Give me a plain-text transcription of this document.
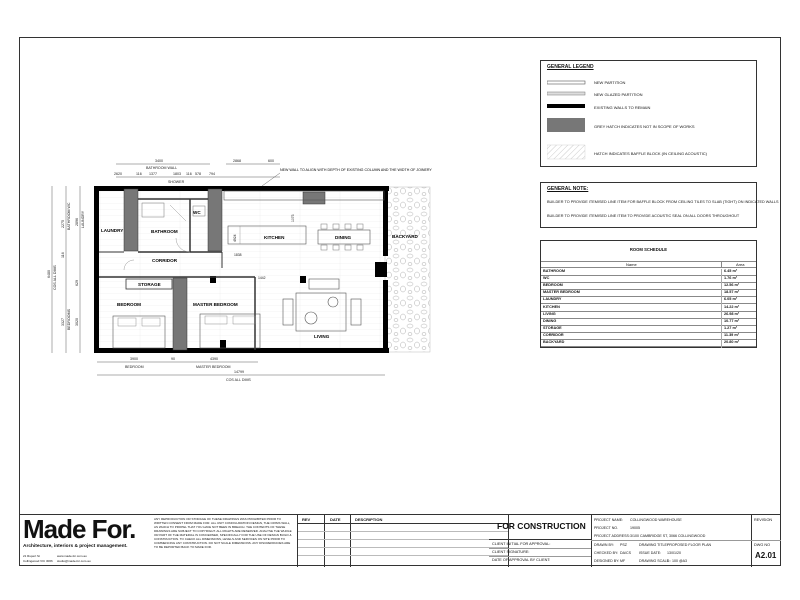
LAUNDRY	BATHROOM
WC
KITCHEN	DINING	BACKYARD
CORRIDOR
STORAGE
BEDROOM	MASTER BEDROOM
LIVING
NEW WALL TO ALIGN WITH DEPTH OF EXISTING COLUMN AND THE WIDTH OF JOINERY
3400
BATHROOM WALL
2620	116 1377	1803 116 578 794
SHOWER
2868	600
6480 COS ALL DIMS
2275 BATHROOM WC 2896 LAUNDRY
116
629
3327 BEDROOMS 3020
3900
BEDROOM
90	4390
MASTER BEDROOM
14799
COS ALL DIMS
1073
1838
4924
1442
GENERAL LEGEND
NEW PARTITION
NEW GLAZED PARTITION
EXISTING WALLS TO REMAIN
GREY HATCH INDICATES NOT IN SCOPE OF WORKS
HATCH INDICATES BAFFLE BLOCK (IN CEILING ACOUSTIC)
GENERAL NOTE:
BUILDER TO PROVIDE ITEMISED LINE ITEM FOR BAFFLE BLOCK FROM CEILING TILES TO SLAB (TIGHT) ON INDICATED WALLS
BUILDER TO PROVIDE ITEMISED LINE ITEM TO PROVIDE ACOUSTIC SEAL ON ALL DOORS THROUGHOUT
ROOM SCHEDULE
Name	Area
BATHROOM	6.45 m²
WC	1.76 m²
BEDROOM	12.56 m²
MASTER BEDROOM	18.57 m²
LAUNDRY	6.05 m²
KITCHEN	14.22 m²
LIVING	26.98 m²
DINING	10.77 m²
STORAGE	1.27 m²
CORRIDOR	11.39 m²
BACKYARD	20.80 m²
Made For.
Architecture, interiors & project management.
21 Rupert St
Collingwood VIC 3066
www.made-for.com.au
studio@made-for.com.au
ANY REPRODUCTION OR STORAGE OF THESE DRAWINGS WAS PROHIBITED PRIOR TO WRITTEN CONSENT FROM MADE FOR. ALL UNIT CONFIGURATION DESIGN, THE CRISIS WALL, AS WHICH TO PROPEL THAT YOU HAVE NOT BEEN IN BREACH. THE CONTENTS OF THESE DRAWINGS ARE SUBJECT TO COPYRIGHT. ALL RIGHTS ARE RESERVED. ANALYSE THE WHOLE OR PART OF THE MATERIAL IS CONCERNED, SPECIFICALLY FOR THE USE OF DESIGN BUILD & CONSTRUCTION. TO CHECK ALL DIMENSIONS, LEVELS AND SERVICES ON SITE PRIOR TO COMMENCING ANY CONSTRUCTION. DO NOT SCALE DIMENSIONS. ANY DISCREPANCIES ARE TO BE REPORTED BACK TO MADE FOR.
REV	DATE	DESCRIPTION
FOR CONSTRUCTION
CLIENT INITIAL FOR APPROVAL:
CLIENT SIGNATURE:
DATE OF APPROVAL BY CLIENT:
PROJECT NAME: COLLINGWOOD WAREHOUSE
PROJECT NO.	19005
PROJECT ADDRESS: 3/100 CAMBRIDGE ST, 3066 COLLINGWOOD
DRAWN BY: PSZ
CHECKED BY: DA/CS
DESIGNED BY: MF
DRAWING TITLE: PROPOSED FLOOR PLAN
ISSUE DATE: 13/01/20
DRAWING SCALE:
1 : 100 @A3
REVISION
DWG NO
A2.01
